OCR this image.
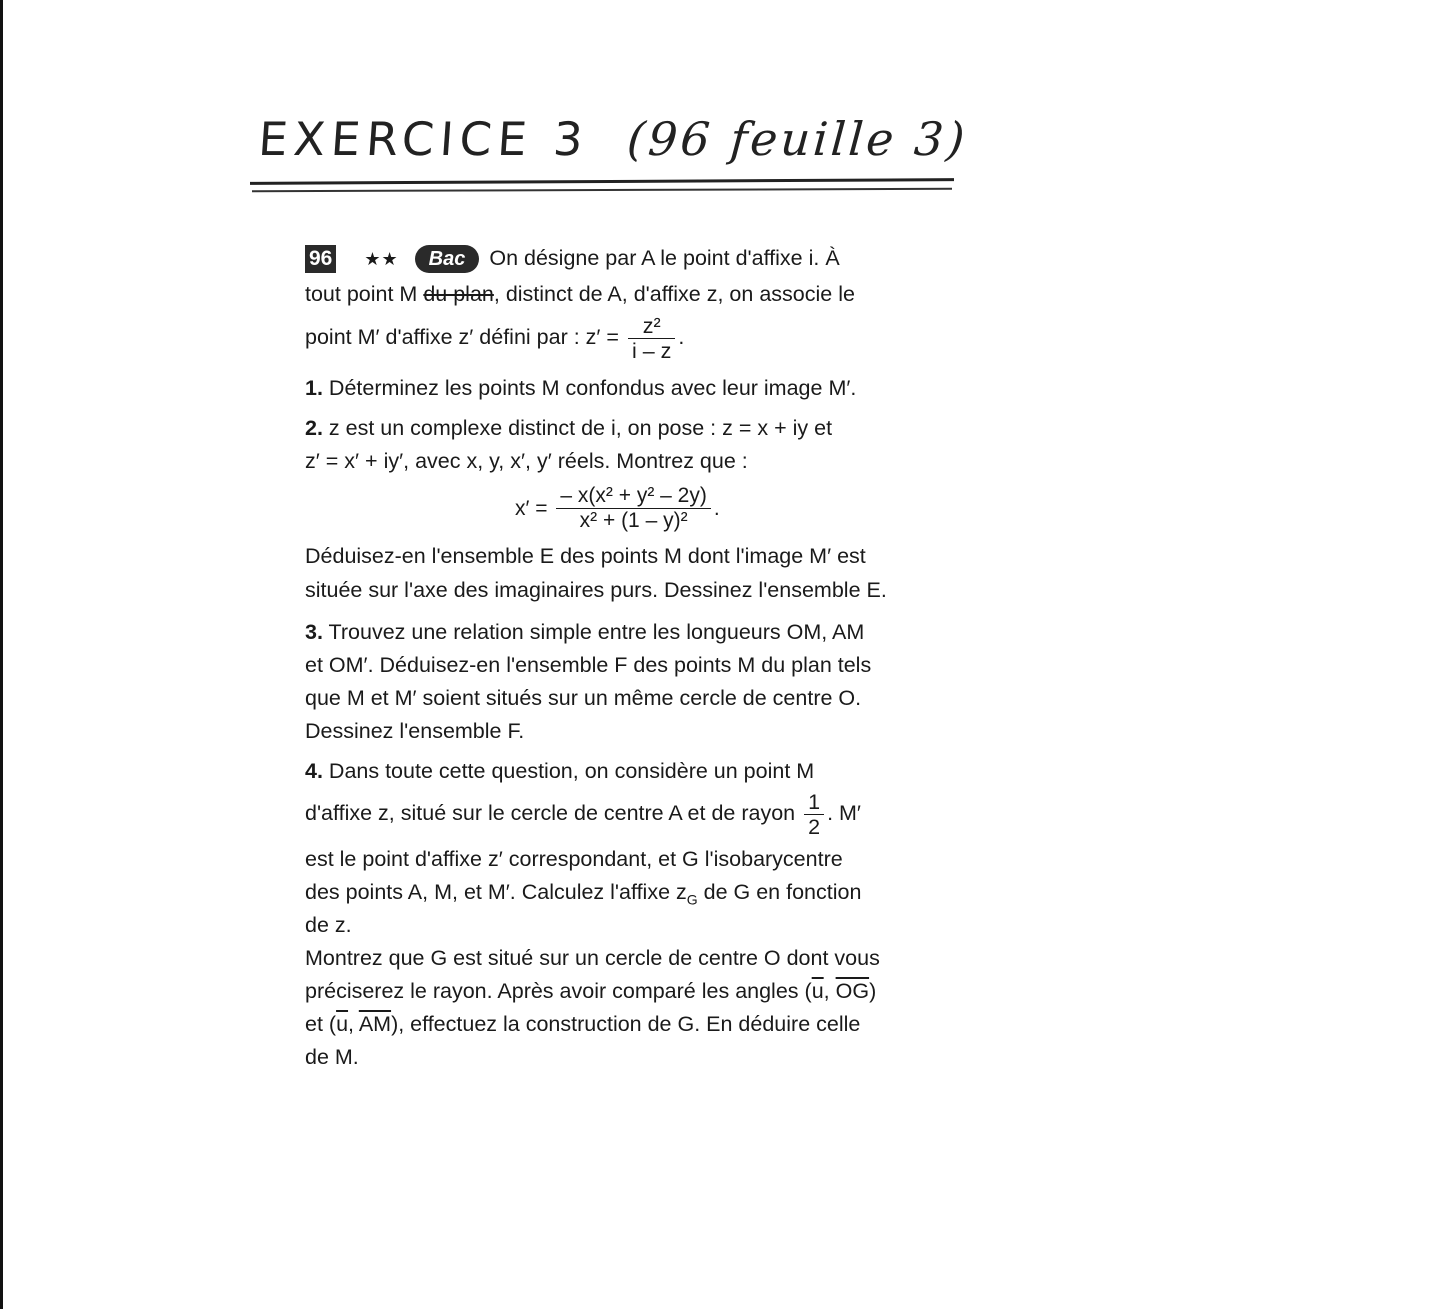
EXERCICE 3 (96 feuille 3)

96 ★★ Bac On désigne par A le point d'affixe i. À

tout point M du plan, distinct de A, d'affixe z, on associe le

point M′ d'affixe z′ défini par : $z' = \frac{\text{z²}}{i - z}$ .

1. Déterminez les points M confondus avec leur image M′.

2. z est un complexe distinct de i, on pose : z = x + iy et

z′ = x′ + iy′, avec x, y, x′, y′ réels. Montrez que :

$x' = \frac{\text{– x(x² + y² – 2y)}}{\text{x² + (1 – y)²}}$ .

Déduisez-en l'ensemble E des points M dont l'image M′ est

située sur l'axe des imaginaires purs. Dessinez l'ensemble E.

3. Trouvez une relation simple entre les longueurs OM, AM

et OM′. Déduisez-en l'ensemble F des points M du plan tels

que M et M′ soient situés sur un même cercle de centre O.

Dessinez l'ensemble F.

4. Dans toute cette question, on considère un point M

d'affixe z, situé sur le cercle de centre A et de rayon $\frac{1}{2}$ . M′

est le point d'affixe z′ correspondant, et G l'isobarycentre

des points A, M, et M′. Calculez l'affixe $z_G$ de G en fonction

de z.

Montrez que G est situé sur un cercle de centre O dont vous

préciserez le rayon. Après avoir comparé les angles ($\overline{u}$, $\overline{OG}$)

et ($\overline{u}$, $\overline{AM}$), effectuez la construction de G. En déduire celle

de M.
